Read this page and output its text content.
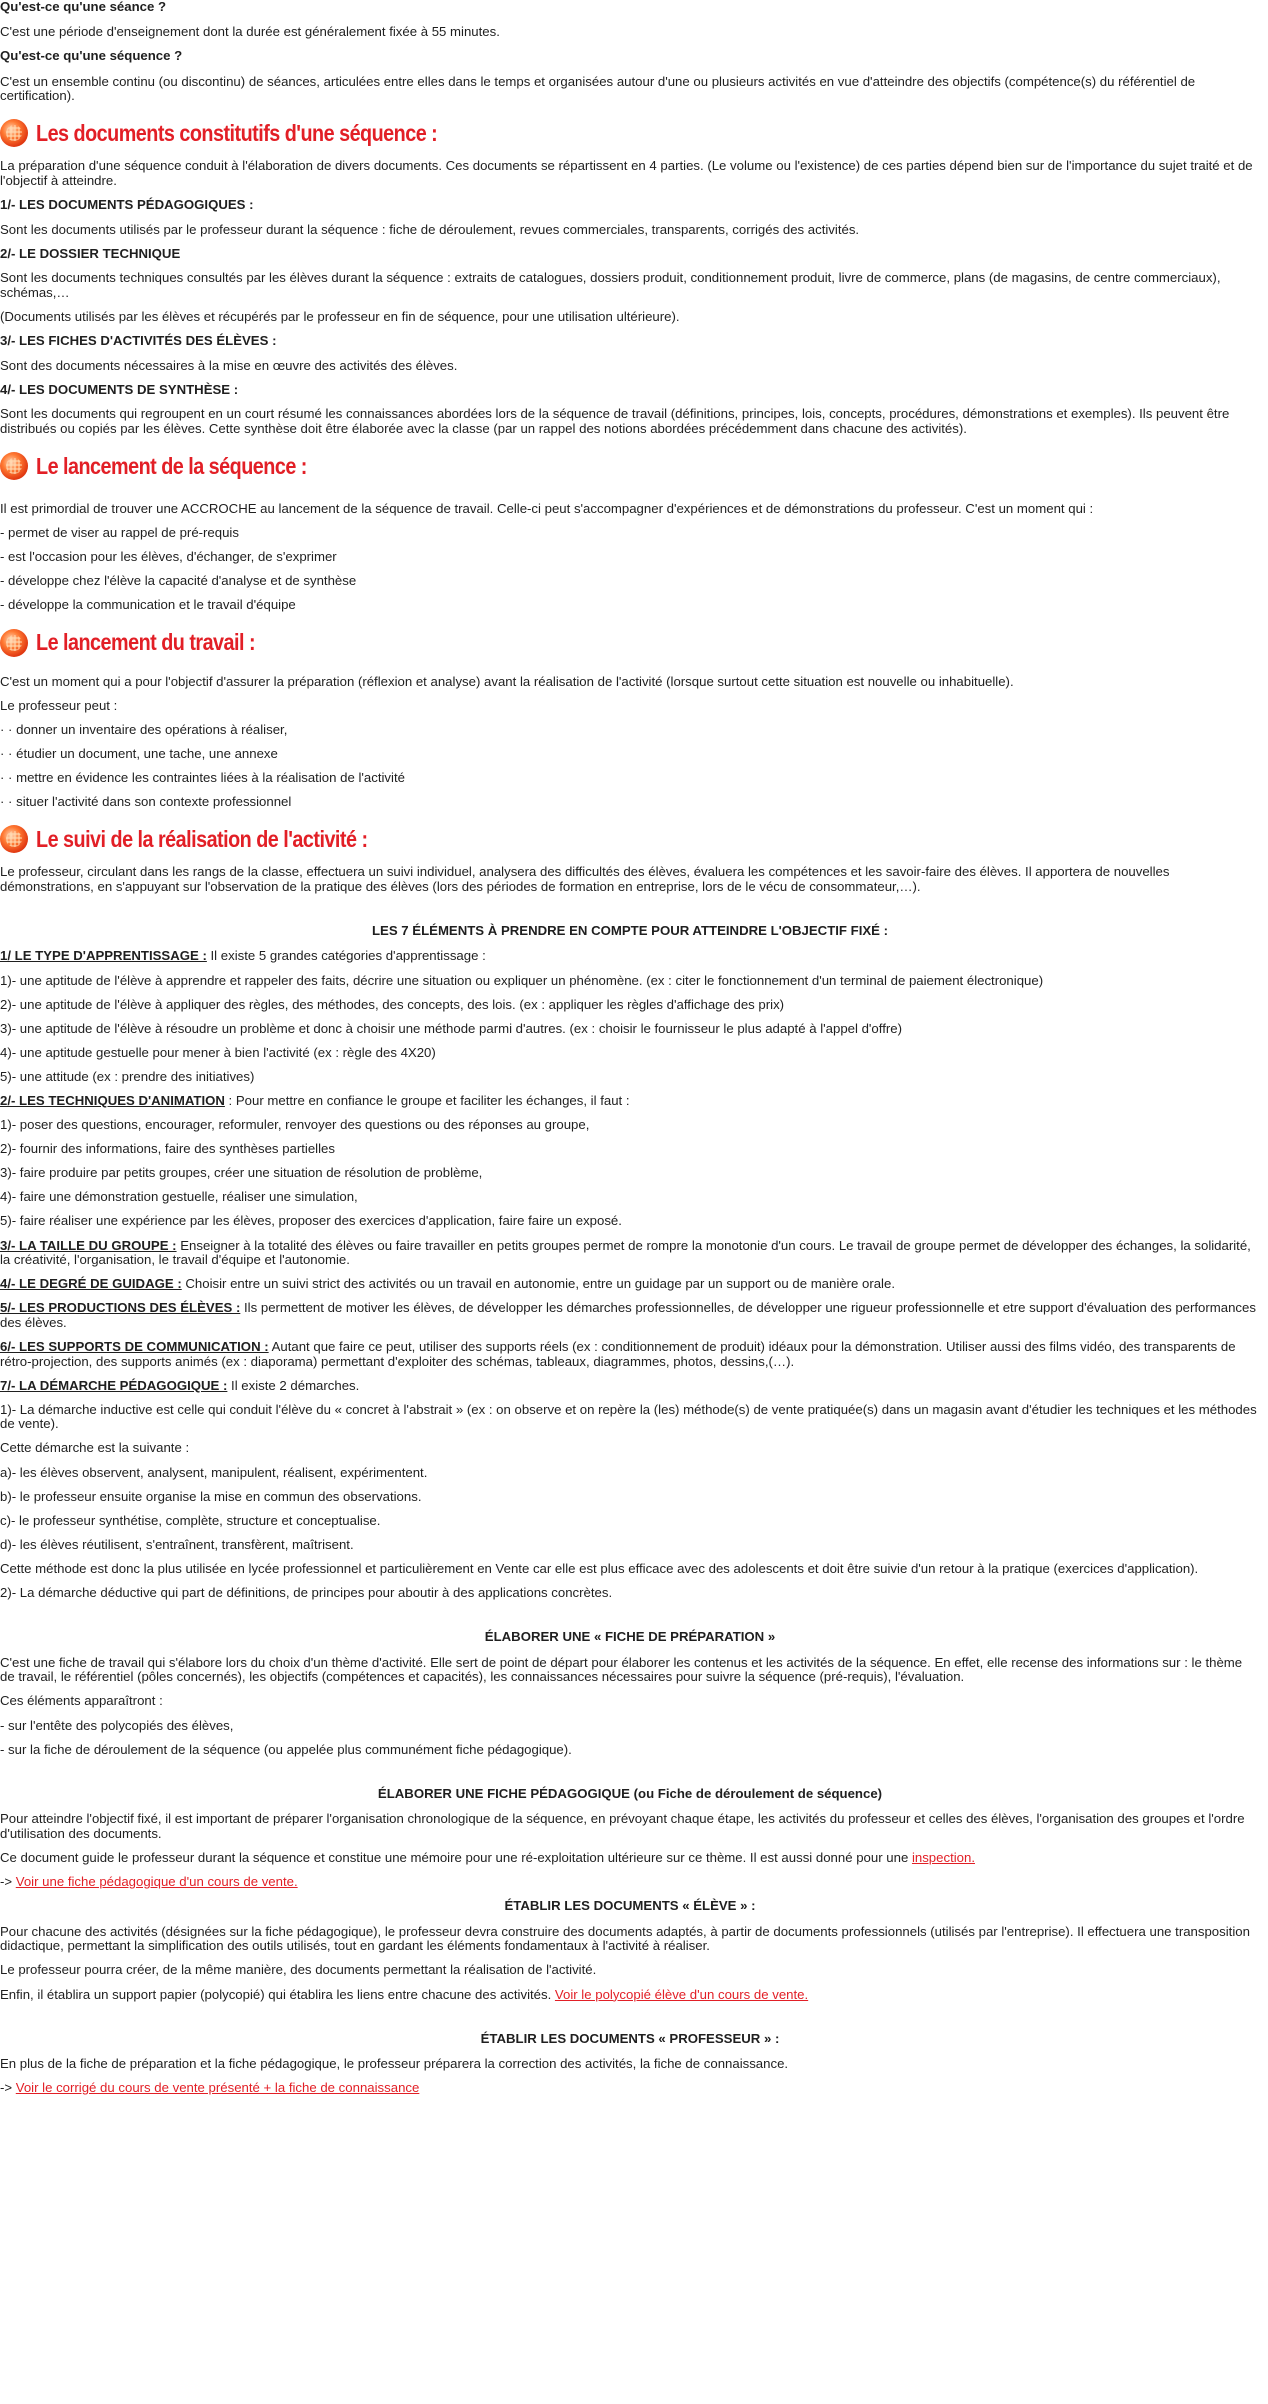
Qu'est-ce qu'une séance ?

C'est une période d'enseignement dont la durée est généralement fixée à 55 minutes.

Qu'est-ce qu'une séquence ?

C'est un ensemble continu (ou discontinu) de séances, articulées entre elles dans le temps et organisées autour d'une ou plusieurs activités en vue d'atteindre des objectifs (compétence(s) du référentiel de certification).

Les documents constitutifs d'une séquence :

La préparation d'une séquence conduit à l'élaboration de divers documents. Ces documents se répartissent en 4 parties. (Le volume ou l'existence) de ces parties dépend bien sur de l'importance du sujet traité et de l'objectif à atteindre.

1/- LES DOCUMENTS PÉDAGOGIQUES :

Sont les documents utilisés par le professeur durant la séquence : fiche de déroulement, revues commerciales, transparents, corrigés des activités.

2/- LE DOSSIER TECHNIQUE

Sont les documents techniques consultés par les élèves durant la séquence : extraits de catalogues, dossiers produit, conditionnement produit, livre de commerce, plans (de magasins, de centre commerciaux), schémas,…

(Documents utilisés par les élèves et récupérés par le professeur en fin de séquence, pour une utilisation ultérieure).

3/- LES FICHES D'ACTIVITÉS DES ÉLÈVES :

Sont des documents nécessaires à la mise en œuvre des activités des élèves.

4/- LES DOCUMENTS DE SYNTHÈSE :

Sont les documents qui regroupent en un court résumé les connaissances abordées lors de la séquence de travail (définitions, principes, lois, concepts, procédures, démonstrations et exemples). Ils peuvent être distribués ou copiés par les élèves. Cette synthèse doit être élaborée avec la classe (par un rappel des notions abordées précédemment dans chacune des activités).

Le lancement de la séquence :

Il est primordial de trouver une ACCROCHE au lancement de la séquence de travail. Celle-ci peut s'accompagner d'expériences et de démonstrations du professeur. C'est un moment qui :

- permet de viser au rappel de pré-requis

- est l'occasion pour les élèves, d'échanger, de s'exprimer

- développe chez l'élève la capacité d'analyse et de synthèse

- développe la communication et le travail d'équipe

Le lancement du travail :

C'est un moment qui a pour l'objectif d'assurer la préparation (réflexion et analyse) avant la réalisation de l'activité (lorsque surtout cette situation est nouvelle ou inhabituelle).

Le professeur peut :

· · donner un inventaire des opérations à réaliser,

· · étudier un document, une tache, une annexe

· · mettre en évidence les contraintes liées à la réalisation de l'activité

· · situer l'activité dans son contexte professionnel

Le suivi de la réalisation de l'activité :

Le professeur, circulant dans les rangs de la classe, effectuera un suivi individuel, analysera des difficultés des élèves, évaluera les compétences et les savoir-faire des élèves. Il apportera de nouvelles démonstrations, en s'appuyant sur l'observation de la pratique des élèves (lors des périodes de formation en entreprise, lors de le vécu de consommateur,…).

LES 7 ÉLÉMENTS À PRENDRE EN COMPTE POUR ATTEINDRE L'OBJECTIF FIXÉ :

1/ LE TYPE D'APPRENTISSAGE : Il existe 5 grandes catégories d'apprentissage :

1)- une aptitude de l'élève à apprendre et rappeler des faits, décrire une situation ou expliquer un phénomène. (ex : citer le fonctionnement d'un terminal de paiement électronique)

2)- une aptitude de l'élève à appliquer des règles, des méthodes, des concepts, des lois. (ex : appliquer les règles d'affichage des prix)

3)- une aptitude de l'élève à résoudre un problème et donc à choisir une méthode parmi d'autres. (ex : choisir le fournisseur le plus adapté à l'appel d'offre)

4)- une aptitude gestuelle pour mener à bien l'activité (ex : règle des 4X20)

5)- une attitude (ex : prendre des initiatives)

2/- LES TECHNIQUES D'ANIMATION : Pour mettre en confiance le groupe et faciliter les échanges, il faut :

1)- poser des questions, encourager, reformuler, renvoyer des questions ou des réponses au groupe,

2)- fournir des informations, faire des synthèses partielles

3)- faire produire par petits groupes, créer une situation de résolution de problème,

4)- faire une démonstration gestuelle, réaliser une simulation,

5)- faire réaliser une expérience par les élèves, proposer des exercices d'application, faire faire un exposé.

3/- LA TAILLE DU GROUPE : Enseigner à la totalité des élèves ou faire travailler en petits groupes permet de rompre la monotonie d'un cours. Le travail de groupe permet de développer des échanges, la solidarité, la créativité, l'organisation, le travail d'équipe et l'autonomie.

4/- LE DEGRÉ DE GUIDAGE : Choisir entre un suivi strict des activités ou un travail en autonomie, entre un guidage par un support ou de manière orale.

5/- LES PRODUCTIONS DES ÉLÈVES : Ils permettent de motiver les élèves, de développer les démarches professionnelles, de développer une rigueur professionnelle et etre support d'évaluation des performances des élèves.

6/- LES SUPPORTS DE COMMUNICATION : Autant que faire ce peut, utiliser des supports réels (ex : conditionnement de produit) idéaux pour la démonstration. Utiliser aussi des films vidéo, des transparents de rétro-projection, des supports animés (ex : diaporama) permettant d'exploiter des schémas, tableaux, diagrammes, photos, dessins,(…).

7/- LA DÉMARCHE PÉDAGOGIQUE : Il existe 2 démarches.

1)- La démarche inductive est celle qui conduit l'élève du « concret à l'abstrait » (ex : on observe et on repère la (les) méthode(s) de vente pratiquée(s) dans un magasin avant d'étudier les techniques et les méthodes de vente).

Cette démarche est la suivante :

a)- les élèves observent, analysent, manipulent, réalisent, expérimentent.

b)- le professeur ensuite organise la mise en commun des observations.

c)- le professeur synthétise, complète, structure et conceptualise.

d)- les élèves réutilisent, s'entraînent, transfèrent, maîtrisent.

Cette méthode est donc la plus utilisée en lycée professionnel et particulièrement en Vente car elle est plus efficace avec des adolescents et doit être suivie d'un retour à la pratique (exercices d'application).

2)- La démarche déductive qui part de définitions, de principes pour aboutir à des applications concrètes.

ÉLABORER UNE « FICHE DE PRÉPARATION »

C'est une fiche de travail qui s'élabore lors du choix d'un thème d'activité. Elle sert de point de départ pour élaborer les contenus et les activités de la séquence. En effet, elle recense des informations sur : le thème de travail, le référentiel (pôles concernés), les objectifs (compétences et capacités), les connaissances nécessaires pour suivre la séquence (pré-requis), l'évaluation.

Ces éléments apparaîtront :

- sur l'entête des polycopiés des élèves,

- sur la fiche de déroulement de la séquence (ou appelée plus communément fiche pédagogique).

ÉLABORER UNE FICHE PÉDAGOGIQUE (ou Fiche de déroulement de séquence)

Pour atteindre l'objectif fixé, il est important de préparer l'organisation chronologique de la séquence, en prévoyant chaque étape, les activités du professeur et celles des élèves, l'organisation des groupes et l'ordre d'utilisation des documents.

Ce document guide le professeur durant la séquence et constitue une mémoire pour une ré-exploitation ultérieure sur ce thème. Il est aussi donné pour une inspection.

-> Voir une fiche pédagogique d'un cours de vente.

ÉTABLIR LES DOCUMENTS « ÉLÈVE » :

Pour chacune des activités (désignées sur la fiche pédagogique), le professeur devra construire des documents adaptés, à partir de documents professionnels (utilisés par l'entreprise). Il effectuera une transposition didactique, permettant la simplification des outils utilisés, tout en gardant les éléments fondamentaux à l'activité à réaliser.

Le professeur pourra créer, de la même manière, des documents permettant la réalisation de l'activité.

Enfin, il établira un support papier (polycopié) qui établira les liens entre chacune des activités. Voir le polycopié élève d'un cours de vente.

ÉTABLIR LES DOCUMENTS « PROFESSEUR » :

En plus de la fiche de préparation et la fiche pédagogique, le professeur préparera la correction des activités, la fiche de connaissance.

-> Voir le corrigé du cours de vente présenté + la fiche de connaissance
